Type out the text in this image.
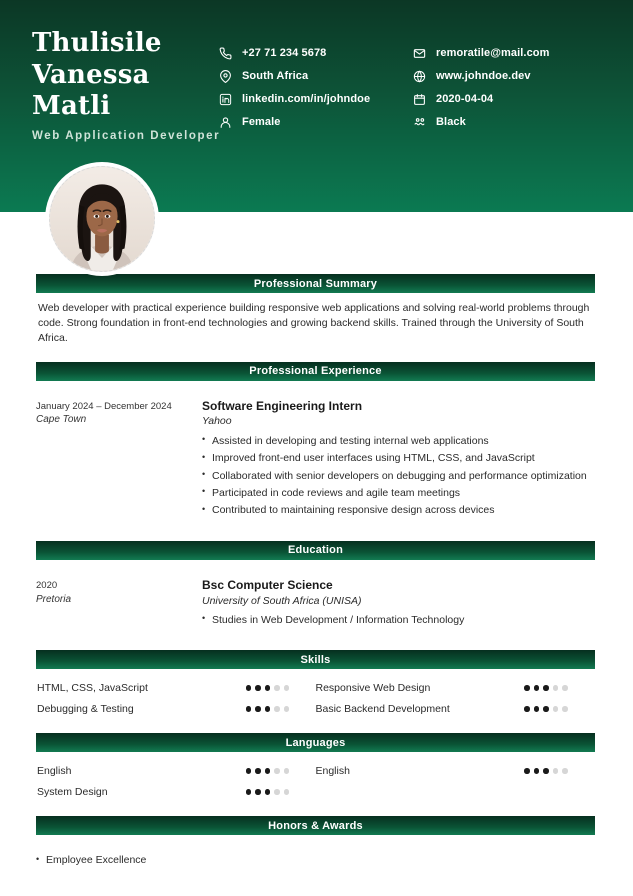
Thulisile
Vanessa
Matli
Web Application Developer
+27 71 234 5678
South Africa
linkedin.com/in/johndoe
Female
remoratile@mail.com
www.johndoe.dev
2020-04-04
Black
Professional Summary
Web developer with practical experience building responsive web applications and solving real-world problems through code. Strong foundation in front-end technologies and growing backend skills. Trained through the University of South Africa.
Professional Experience
January 2024 – December 2024
Cape Town
Software Engineering Intern
Yahoo
• Assisted in developing and testing internal web applications
• Improved front-end user interfaces using HTML, CSS, and JavaScript
• Collaborated with senior developers on debugging and performance optimization
• Participated in code reviews and agile team meetings
• Contributed to maintaining responsive design across devices
Education
2020
Pretoria
Bsc Computer Science
University of South Africa (UNISA)
• Studies in Web Development / Information Technology
Skills
HTML, CSS, JavaScript	Responsive Web Design
Debugging & Testing	Basic Backend Development
Languages
English	English
System Design
Honors & Awards
• Employee Excellence
